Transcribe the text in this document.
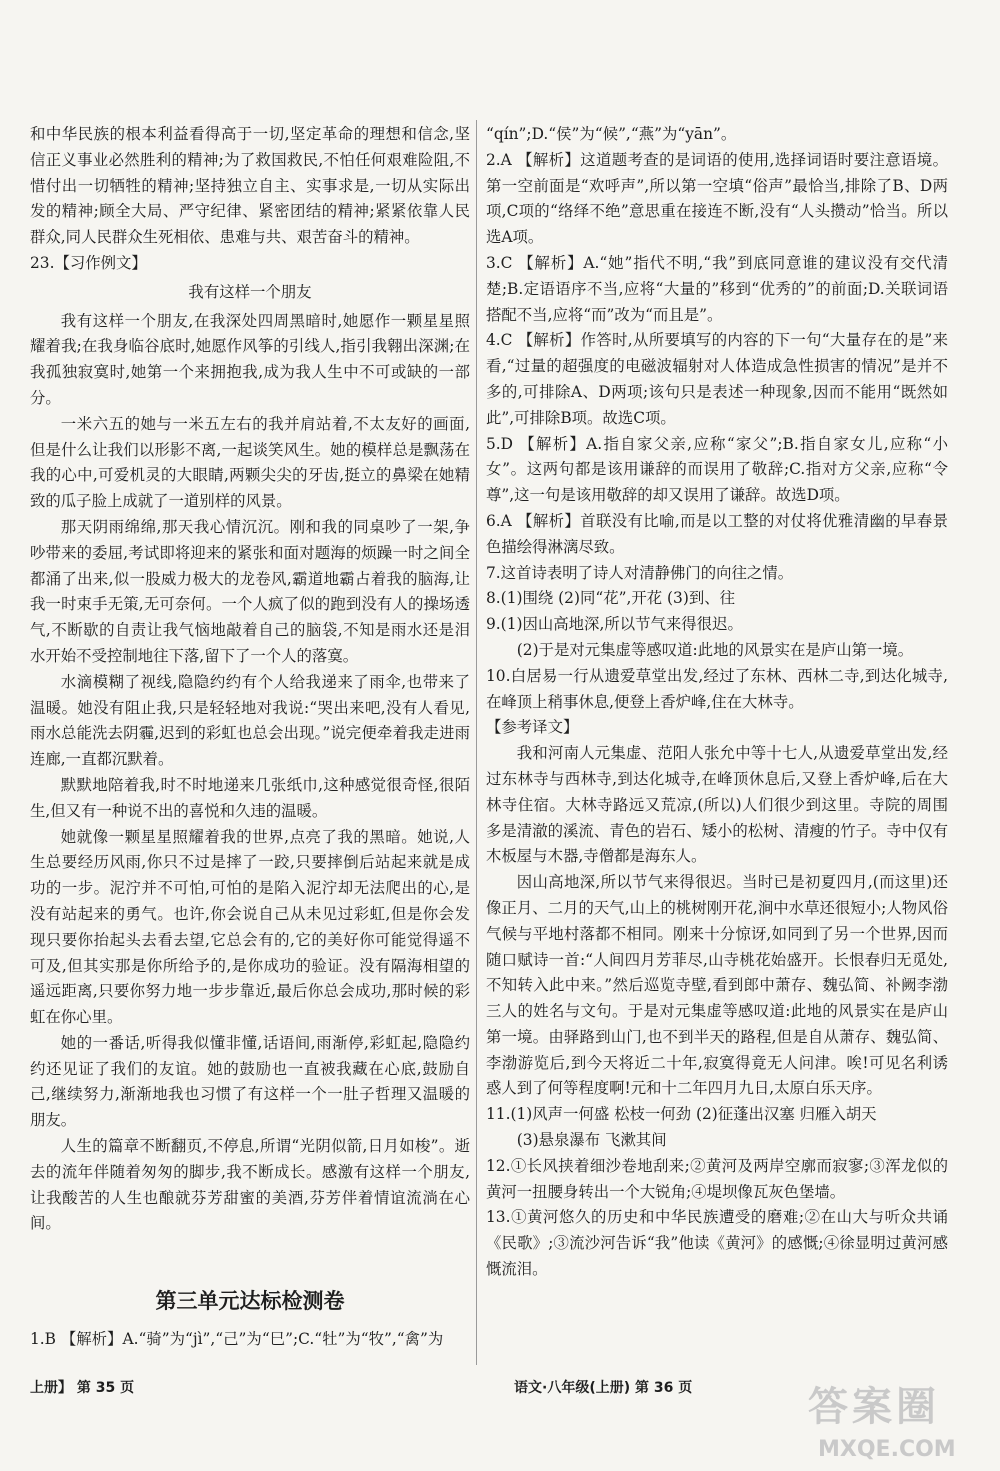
和中华民族的根本利益看得高于一切,坚定革命的理想和信念,坚信正义事业必然胜利的精神;为了救国救民,不怕任何艰难险阻,不惜付出一切牺牲的精神;坚持独立自主、实事求是,一切从实际出发的精神;顾全大局、严守纪律、紧密团结的精神;紧紧依靠人民群众,同人民群众生死相依、患难与共、艰苦奋斗的精神。

23.【习作例文】

我有这样一个朋友

我有这样一个朋友,在我深处四周黑暗时,她愿作一颗星星照耀着我;在我身临谷底时,她愿作风筝的引线人,指引我翱出深渊;在我孤独寂寞时,她第一个来拥抱我,成为我人生中不可或缺的一部分。

一米六五的她与一米五左右的我并肩站着,不太友好的画面,但是什么让我们以形影不离,一起谈笑风生。她的模样总是飘荡在我的心中,可爱机灵的大眼睛,两颗尖尖的牙齿,挺立的鼻梁在她精致的瓜子脸上成就了一道别样的风景。

那天阴雨绵绵,那天我心情沉沉。刚和我的同桌吵了一架,争吵带来的委屈,考试即将迎来的紧张和面对题海的烦躁一时之间全都涌了出来,似一股威力极大的龙卷风,霸道地霸占着我的脑海,让我一时束手无策,无可奈何。一个人疯了似的跑到没有人的操场透气,不断歇的自责让我气恼地敲着自己的脑袋,不知是雨水还是泪水开始不受控制地往下落,留下了一个人的落寞。

水滴模糊了视线,隐隐约约有个人给我递来了雨伞,也带来了温暖。她没有阻止我,只是轻轻地对我说:“哭出来吧,没有人看见,雨水总能洗去阴霾,迟到的彩虹也总会出现。”说完便牵着我走进雨连廊,一直都沉默着。

默默地陪着我,时不时地递来几张纸巾,这种感觉很奇怪,很陌生,但又有一种说不出的喜悦和久违的温暖。

她就像一颗星星照耀着我的世界,点亮了我的黑暗。她说,人生总要经历风雨,你只不过是摔了一跤,只要摔倒后站起来就是成功的一步。泥泞并不可怕,可怕的是陷入泥泞却无法爬出的心,是没有站起来的勇气。也许,你会说自己从未见过彩虹,但是你会发现只要你抬起头去看去望,它总会有的,它的美好你可能觉得遥不可及,但其实那是你所给予的,是你成功的验证。没有隔海相望的遥远距离,只要你努力地一步步靠近,最后你总会成功,那时候的彩虹在你心里。

她的一番话,听得我似懂非懂,话语间,雨渐停,彩虹起,隐隐约约还见证了我们的友谊。她的鼓励也一直被我藏在心底,鼓励自己,继续努力,渐渐地我也习惯了有这样一个一肚子哲理又温暖的朋友。

人生的篇章不断翻页,不停息,所谓“光阴似箭,日月如梭”。逝去的流年伴随着匆匆的脚步,我不断成长。感激有这样一个朋友,让我酸苦的人生也酿就芬芳甜蜜的美酒,芬芳伴着情谊流淌在心间。

第三单元达标检测卷

1.B 【解析】A.“骑”为“jì”,“己”为“巳”;C.“牡”为“牧”,“禽”为

“qín”;D.“侯”为“候”,“燕”为“yān”。

2.A 【解析】这道题考查的是词语的使用,选择词语时要注意语境。第一空前面是“欢呼声”,所以第一空填“俗声”最恰当,排除了B、D两项,C项的“络绎不绝”意思重在接连不断,没有“人头攒动”恰当。所以选A项。

3.C 【解析】A.“她”指代不明,“我”到底同意谁的建议没有交代清楚;B.定语语序不当,应将“大量的”移到“优秀的”的前面;D.关联词语搭配不当,应将“而”改为“而且是”。

4.C 【解析】作答时,从所要填写的内容的下一句“大量存在的是”来看,“过量的超强度的电磁波辐射对人体造成急性损害的情况”是并不多的,可排除A、D两项;该句只是表述一种现象,因而不能用“既然如此”,可排除B项。故选C项。

5.D 【解析】A.指自家父亲,应称“家父”;B.指自家女儿,应称“小女”。这两句都是该用谦辞的而误用了敬辞;C.指对方父亲,应称“令尊”,这一句是该用敬辞的却又误用了谦辞。故选D项。

6.A 【解析】首联没有比喻,而是以工整的对仗将优雅清幽的早春景色描绘得淋漓尽致。

7.这首诗表明了诗人对清静佛门的向往之情。

8.(1)围绕 (2)同“花”,开花 (3)到、往

9.(1)因山高地深,所以节气来得很迟。

(2)于是对元集虚等感叹道:此地的风景实在是庐山第一境。

10.白居易一行从遗爱草堂出发,经过了东林、西林二寺,到达化城寺,在峰顶上稍事休息,便登上香炉峰,住在大林寺。

【参考译文】

我和河南人元集虚、范阳人张允中等十七人,从遗爱草堂出发,经过东林寺与西林寺,到达化城寺,在峰顶休息后,又登上香炉峰,后在大林寺住宿。大林寺路远又荒凉,(所以)人们很少到这里。寺院的周围多是清澈的溪流、青色的岩石、矮小的松树、清瘦的竹子。寺中仅有木板屋与木器,寺僧都是海东人。

因山高地深,所以节气来得很迟。当时已是初夏四月,(而这里)还像正月、二月的天气,山上的桃树刚开花,涧中水草还很短小;人物风俗气候与平地村落都不相同。刚来十分惊讶,如同到了另一个世界,因而随口赋诗一首:“人间四月芳菲尽,山寺桃花始盛开。长恨春归无觅处,不知转入此中来。”然后巡览寺壁,看到郎中萧存、魏弘简、补阙李渤三人的姓名与文句。于是对元集虚等感叹道:此地的风景实在是庐山第一境。由驿路到山门,也不到半天的路程,但是自从萧存、魏弘简、李渤游览后,到今天将近二十年,寂寞得竟无人问津。唉!可见名利诱惑人到了何等程度啊!元和十二年四月九日,太原白乐天序。

11.(1)风声一何盛 松枝一何劲 (2)征蓬出汉塞 归雁入胡天

(3)悬泉瀑布 飞漱其间

12.①长风挟着细沙卷地刮来;②黄河及两岸空廓而寂寥;③浑龙似的黄河一扭腰身转出一个大锐角;④堤坝像瓦灰色堡墙。

13.①黄河悠久的历史和中华民族遭受的磨难;②在山大与听众共诵《民歌》;③流沙河告诉“我”他读《黄河》的感慨;④徐显明过黄河感慨流泪。

上册】 第 35 页	语文·八年级(上册) 第 36 页	答案圈
MXQE.COM
